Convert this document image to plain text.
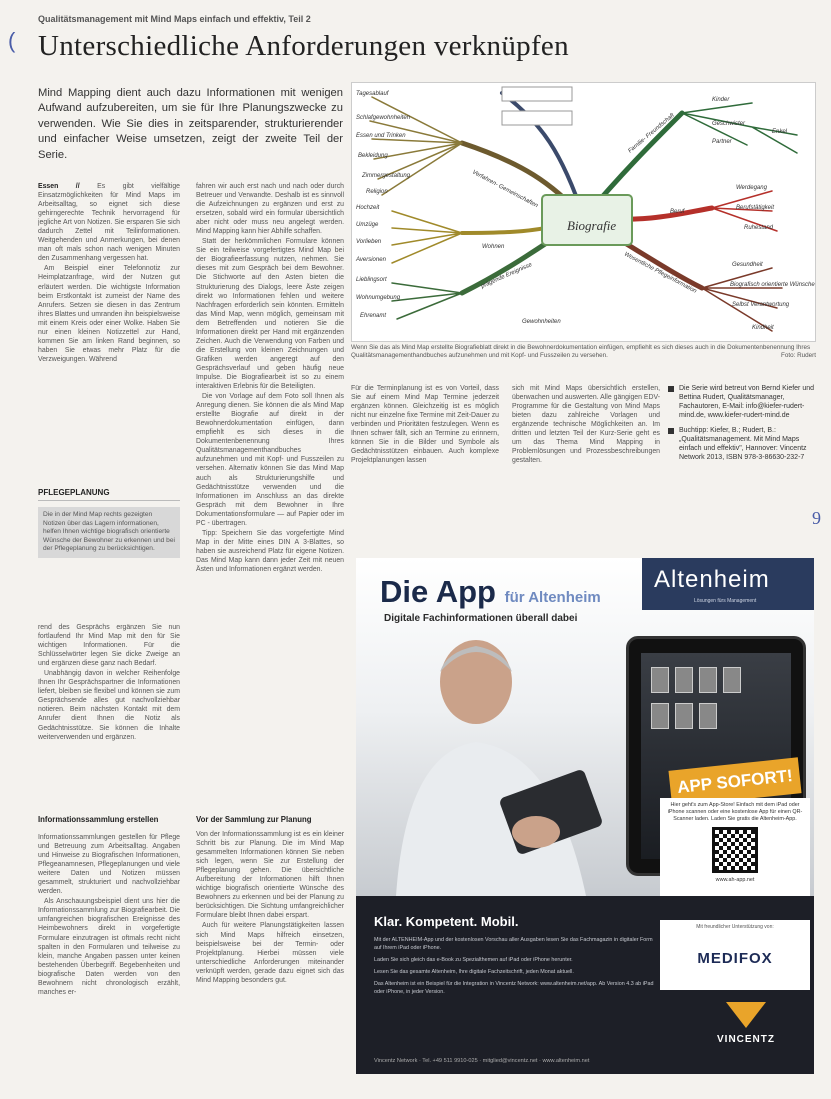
(
Qualitätsmanagement mit Mind Maps einfach und effektiv, Teil 2
Unterschiedliche Anforderungen verknüpfen
Mind Mapping dient auch dazu Informationen mit wenigen Aufwand aufzubereiten, um sie für Ihre Planungszwecke zu verwenden. Wie Sie dies in zeitsparender, strukturierender und einfacher Weise umsetzen, zeigt der zweite Teil der Serie.

Essen //	Es gibt vielfältige Einsatzmöglichkeiten für Mind Maps im Arbeitsalltag, so eignet sich diese gehirngerechte Technik hervorragend für jegliche Art von Notizen. Sie ersparen Sie sich dadurch Zettel mit Teilinformationen. Weitgehenden und Anmerkungen, bei denen man oft mals schon nach wenigen Minuten den Zusammenhang vergessen hat.

Am Beispiel einer Telefonnotiz zur Heimplatzanfrage, wird der Nutzen gut erläutert werden. Die wichtigste Information beim Erstkontakt ist zumeist der Name des Anrufers. Setzen sie diesen in das Zentrum ihres Blattes und umranden ihn beispielsweise mit einem Kreis oder einer Wolke. Haben Sie nur einen kleinen Notizzettel zur Hand, kommen Sie am linken Rand beginnen, so haben Sie etwas mehr Platz für die Verzweigungen. Während

PFLEGEPLANUNG
Die in der Mind Map rechts gezeigten Notizen über das Lagern informationen, helfen Ihnen wichtige biografisch orientierte Wünsche der Bewohner zu erkennen und bei der Pflegeplanung zu berücksichtigen.

rend des Gesprächs ergänzen Sie nun fortlaufend Ihr Mind Map mit den für Sie wichtigen Informationen. Für die Schlüsselwörter legen Sie dicke Zweige an und ergänzen diese ganz nach Bedarf.

Unabhängig davon in welcher Reihenfolge Ihnen Ihr Gesprächspartner die Informationen liefert, bleiben sie flexibel und können sie zum Gesprächsende alles gut nachvollziehbar notieren. Beim nächsten Kontakt mit dem Anrufer dient Ihnen die Notiz als Gedächtnisstütze. Sie können die Inhalte weiterverwenden und ergänzen.

Informationssammlung erstellen

Informationssammlungen gestellen für Pflege und Betreuung zum Arbeitsalltag. Angaben und Hinweise zu Biografischen Informationen, Pflegeanamnesen, Pflegeplanungen und viele weitere Daten und Notizen müssen gesammelt, strukturiert und nachvollziehbar werden.

Als Anschauungsbeispiel dient uns hier die Informationssammlung zur Biografiearbeit. Die umfangreichen biografischen Ereignisse des Heimbewohners direkt in vorgefertigte Formulare einzutragen ist oftmals recht nicht spalten in den Formularen und teilweise zu klein, manche Angaben passen unter keinen bestehenden Überbegriff. Begebenheiten und biografische Daten werden von den Bewohnern nicht chronologisch erzählt, manches er-

fahren wir auch erst nach und nach oder durch Betreuer und Verwandte. Deshalb ist es sinnvoll die Aufzeichnungen zu ergänzen und erst zu ersetzen, sobald wird ein formular übersichtlich aber nicht oder muss neu angelegt werden. Mind Mapping kann hier Abhilfe schaffen.

Statt der herkömmlichen Formulare können Sie ein teilweise vorgefertigtes Mind Map bei der Biografieerfassung nutzen, nehmen. Sie dieses mit zum Gespräch bei dem Bewohner. Die Stichworte auf den Asten bieten die Strukturierung des Dialogs, leere Äste zeigen direkt wo Informationen fehlen und weitere Nachfragen erforderlich sein könnten. Ermitteln das Mind Map, wenn möglich, gemeinsam mit dem Betreffenden und notieren Sie die Informationen direkt per Hand mit ergänzenden Zeichen. Auch die Verwendung von Farben und die Erstellung von kleinen Zeichnungen und Grafiken werden angeregt auf den Gesprächsverlauf und geben häufig neue Impulse. Die Biografiearbeit ist so zu einem interaktiven Erlebnis für die Beteiligten.

Die von Vorlage auf dem Foto soll Ihnen als Anregung dienen. Sie können die als Mind Map erstellte Biografie auf direkt in der Bewohnerdokumentation einfügen, dann empfiehlt es sich dieses in die Dokumentenbenennung Ihres Qualitätsmanagementhandbuches aufzunehmen und mit Kopf- und Fusszeilen zu versehen. Alternativ können Sie das Mind Map auch als Strukturierungshilfe und Gedächtnisstütze verwenden und die Informationen im Anschluss an das direkte Gespräch mit dem Bewohner in Ihre Dokumentationsformulare — auf Papier oder im PC - übertragen.

Tipp: Speichern Sie das vorgefertigte Mind Map in der Mitte eines DIN A 3-Blattes, so haben sie ausreichend Platz für eigene Notizen. Das Mind Map kann dann jeder Zeit mit neuen Ästen und Informationen ergänzt werden.

Vor der Sammlung zur Planung

Von der Informationssammlung ist es ein kleiner Schritt bis zur Planung. Die im Mind Map gesammelten Informationen können Sie neben sich legen, wenn Sie zur Erstellung der Pflegeplanung gehen. Die übersichtliche Aufbereitung der Informationen hilft Ihnen wichtige biografisch orientierte Wünsche des Bewohners zu erkennen und bei der Planung zu berücksichtigen. Die Sichtung umfangreichlicher Formulare bleibt Ihnen dabei erspart.

Auch für weitere Planungstätigkeiten lassen sich Mind Maps hilfreich einsetzen, beispielsweise bei der Termin- oder Projektplanung. Hierbei müssen viele unterschiedliche Anforderungen miteinander verknüpft werden, gerade dazu eignet sich das Mind Mapping besonders gut.

Biografie
Verfahren- Gemeinschaften
Familie- Freundschaft
Wohnen
Beruf
Wesentliche Pflegeinformation
prägende Ereignisse
Tagesablauf
Schlafgewohnheiten
Essen und Trinken
Bekleidung
Zimmergestaltung
Religion
Kinder
Geschwister
Partner
Enkel
Werdegang
Berufstätigkeit
Ruhestand
Gesundheit
Biografisch orientierte Wünsche
Selbst Verantwortung
Kindheit
Hochzeit
Umzüge
Vorlieben
Aversionen
Lieblingsort
Wohnumgebung
Ehrenamt
Gewohnheiten
Wenn Sie das als Mind Map erstellte Biografieblatt direkt in die Bewohnerdokumentation einfügen, empfiehlt es sich dieses auch in die Dokumentenbenennung Ihres Qualitätsmanagementhandbuches aufzunehmen und mit Kopf- und Fusszeilen zu versehen.	Foto: Rudert

Für die Terminplanung ist es von Vorteil, dass Sie auf einem Mind Map Termine jederzeit ergänzen können. Gleichzeitig ist es möglich nicht nur einzelne fixe Termine mit Zeit-Dauer zu verbinden und Prioritäten festzulegen. Wenn es Ihnen schwer fällt, sich an Termine zu erinnern, können Sie in die Bilder und Symbole als Gedächtnisstützen einbauen. Auch komplexe Projektplanungen lassen

sich mit Mind Maps übersichtlich erstellen, überwachen und auswerten. Alle gängigen EDV-Programme für die Gestaltung von Mind Maps bieten dazu zahlreiche Vorlagen und ergänzende technische Möglichkeiten an. Im dritten und letzten Teil der Kurz-Serie geht es um das Thema Mind Mapping in Problemlösungen und Prozessbeschreibungen gestalten.

Die Serie wird betreut von Bernd Kiefer und Bettina Rudert, Qualitätsmanager, Fachautoren, E-Mail: info@kiefer-rudert-mind.de, www.kiefer-rudert-mind.de
Buchtipp: Kiefer, B.; Rudert, B.: „Qualitätsmanagement. Mit Mind Maps einfach und effektiv", Hannover: Vincentz Network 2013, ISBN 978-3-86630-232-7
9
Die App für Altenheim
Digitale Fachinformationen überall dabei
Altenheim
Lösungen fürs Management
APP SOFORT!
Hier geht's zum App-Store! Einfach mit dem iPad oder iPhone scannen oder eine kostenlose App für einen QR-Scanner laden. Laden Sie gratis die Altenheim-App.
www.ah-app.net
Klar. Kompetent. Mobil.
Mit der ALTENHEIM-App und der kostenlosen Vorschau aller Ausgaben lesen Sie das Fachmagazin in digitaler Form auf Ihrem iPad oder iPhone.
Laden Sie sich gleich das e-Book zu Spezialthemen auf iPad oder iPhone herunter.
Lesen Sie das gesamte Altenheim, Ihre digitale Fachzeitschrift, jeden Monat aktuell.
Das Altenheim ist ein Beispiel für die Integration in Vincentz Network: www.altenheim.net/app. Ab Version 4.3 ab iPad oder iPhone, in jeder Version.
Vincentz Network · Tel. +49 511 9910-025 · mitglied@vincentz.net · www.altenheim.net
Mit freundlicher Unterstützung von:
MEDIFOX
VINCENTZ
